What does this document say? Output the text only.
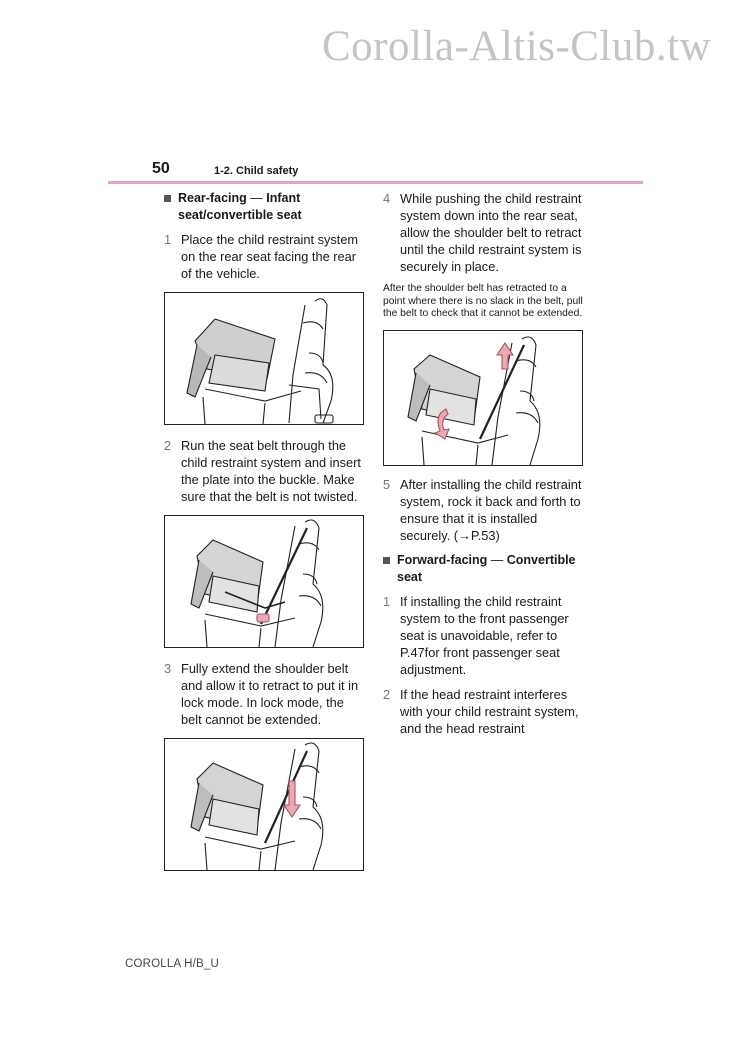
Corolla-Altis-Club.tw
50	1-2. Child safety
Rear-facing — Infant seat/convertible seat
1 Place the child restraint system on the rear seat facing the rear of the vehicle.
2 Run the seat belt through the child restraint system and insert the plate into the buckle. Make sure that the belt is not twisted.
3 Fully extend the shoulder belt and allow it to retract to put it in lock mode. In lock mode, the belt cannot be extended.
4 While pushing the child restraint system down into the rear seat, allow the shoulder belt to retract until the child restraint system is securely in place.
After the shoulder belt has retracted to a point where there is no slack in the belt, pull the belt to check that it cannot be extended.
5 After installing the child restraint system, rock it back and forth to ensure that it is installed securely. (→P.53)
Forward-facing — Convertible seat
1 If installing the child restraint system to the front passenger seat is unavoidable, refer to P.47for front passenger seat adjustment.
2 If the head restraint interferes with your child restraint system, and the head restraint
COROLLA H/B_U
